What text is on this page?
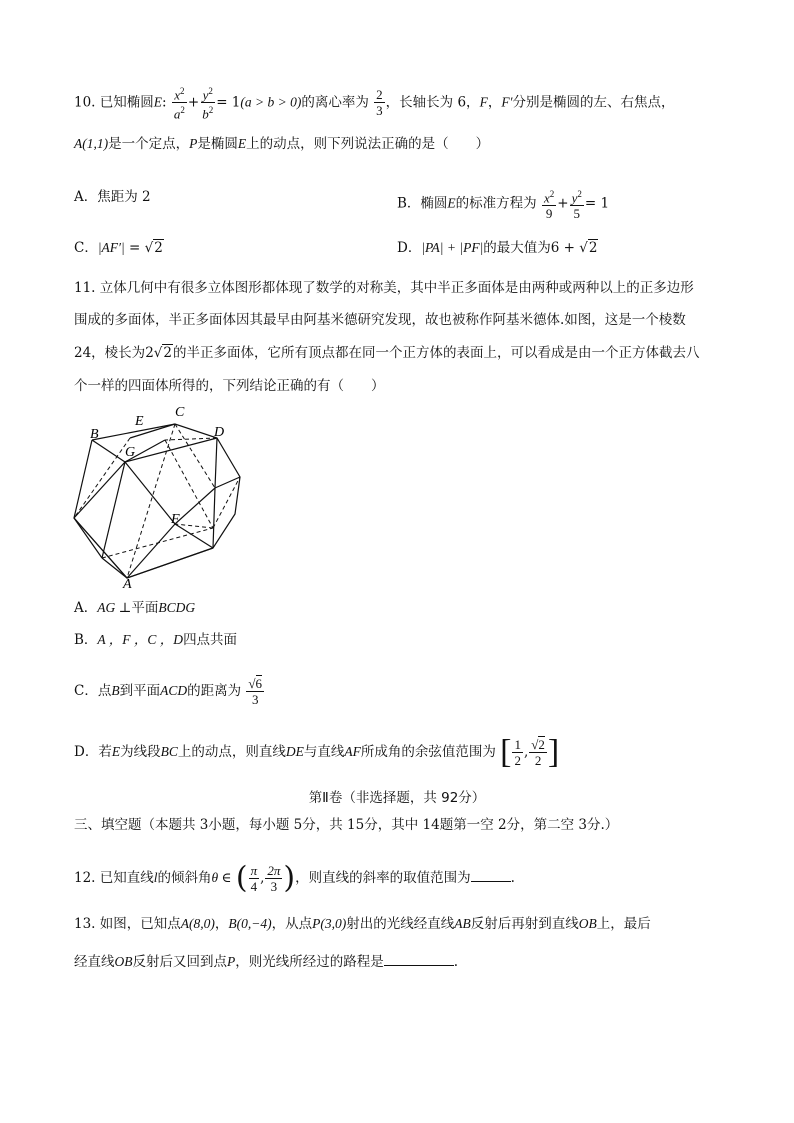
10. 已知椭圆E: $\frac{x^2}{a^2} + \frac{y^2}{b^2} = 1(a > b > 0)$的离心率为 $\frac{2}{3}$ ，长轴长为 6，F，F′分别是椭圆的左、右焦点，
A(1,1)是一个定点，P是椭圆E上的动点，则下列说法正确的是（　　）
A．焦距为 2	B．椭圆E的标准方程为 $\frac{x^2}{9} + \frac{y^2}{5} = 1$
C．|AF′| = √2	D．|PA| + |PF|的最大值为6 + √2
11. 立体几何中有很多立体图形都体现了数学的对称美，其中半正多面体是由两种或两种以上的正多边形
围成的多面体，半正多面体因其最早由阿基米德研究发现，故也被称作阿基米德体.如图，这是一个棱数
24，棱长为2√2的半正多面体，它所有顶点都在同一个正方体的表面上，可以看成是由一个正方体截去八
个一样的四面体所得的，下列结论正确的有（　　）
B
E
C
D
G
F
A
A．AG ⊥平面BCDG
B．A ，F ，C ，D四点共面
C．点B到平面ACD的距离为 $\frac{√6}{3}$
D．若E为线段BC上的动点，则直线DE与直线AF所成角的余弦值范围为 [ $\frac{1}{2}$ , $\frac{√2}{2}$ ]
第Ⅱ卷（非选择题，共 92分）
三、填空题（本题共 3小题，每小题 5分，共 15分，其中 14题第一空 2分，第二空 3分.）
12. 已知直线l的倾斜角θ ∈ ( $\frac{\pi}{4}$ , $\frac{2\pi}{3}$ )，则直线的斜率的取值范围为	.
13. 如图，已知点A(8,0)，B(0,−4)，从点P(3,0)射出的光线经直线AB反射后再射到直线OB上，最后
经直线OB反射后又回到点P，则光线所经过的路程是	.
